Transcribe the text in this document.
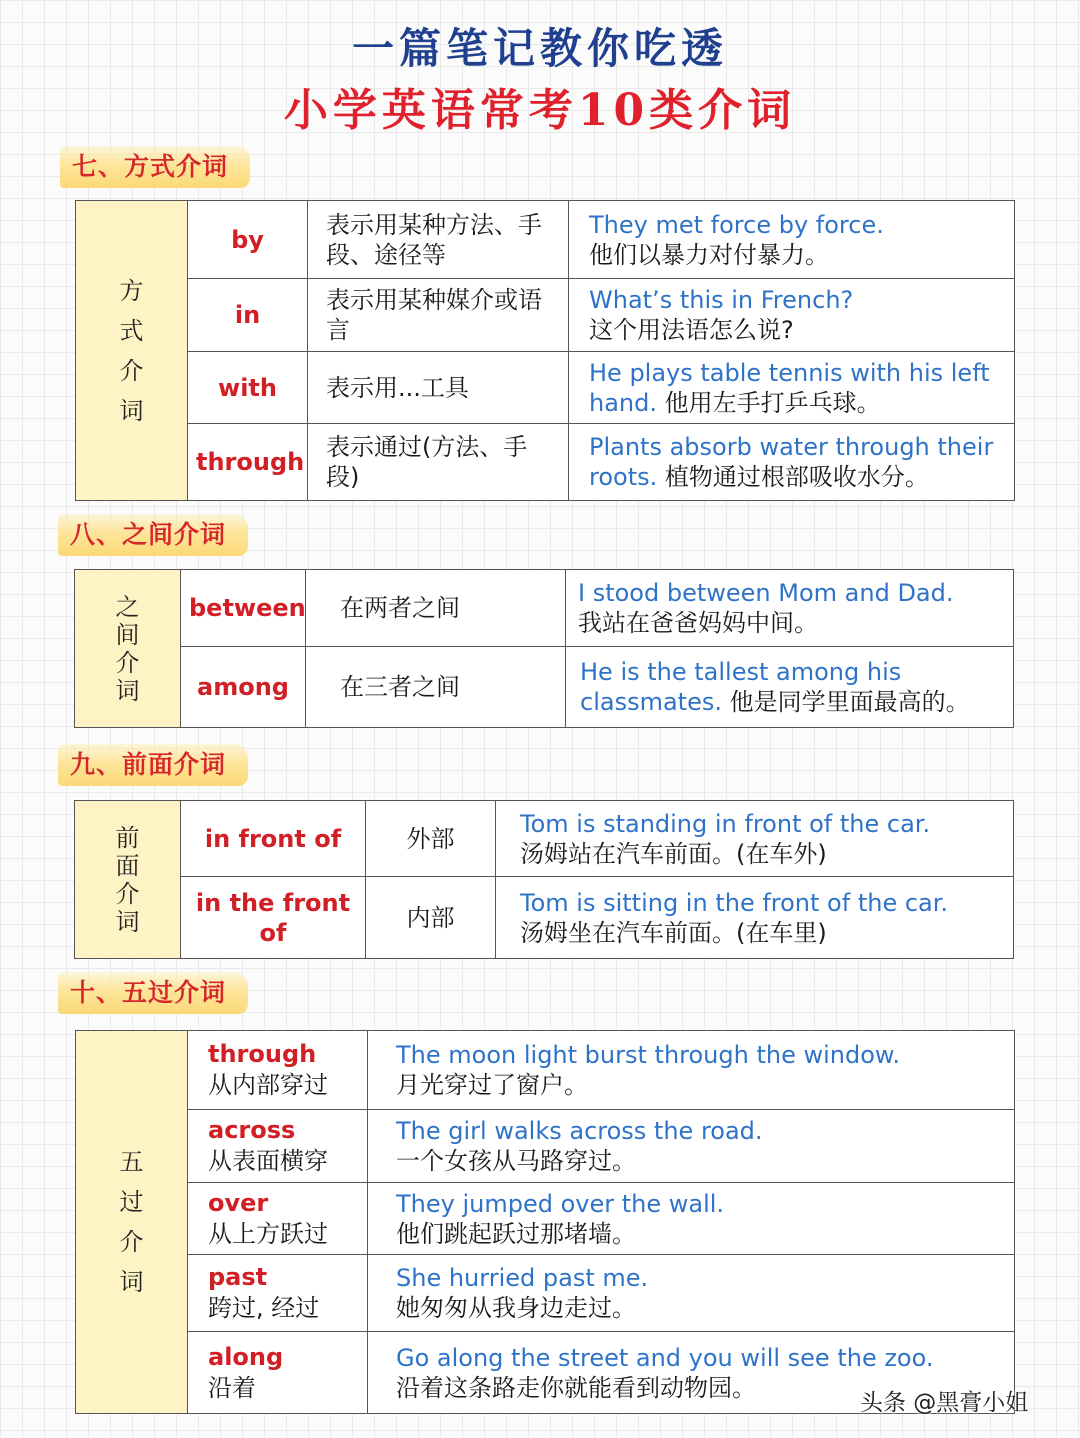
一篇笔记教你吃透
小学英语常考10类介词
七、方式介词
方
式
介
词	by	表示用某种方法、手段、途径等	They met force by force.
他们以暴力对付暴力。
	in	表示用某种媒介或语言	What’s this in French?
这个用法语怎么说?
	with	表示用...工具	He plays table tennis with his left hand. 他用左手打乒乓球。
	through	表示通过(方法、手段)	Plants absorb water through their roots. 植物通过根部吸收水分。
八、之间介词
之
间
介
词	between	在两者之间	I stood between Mom and Dad.
我站在爸爸妈妈中间。
	among	在三者之间	He is the tallest among his classmates. 他是同学里面最高的。
九、前面介词
前
面
介
词	in front of	外部	Tom is standing in front of the car.
汤姆站在汽车前面。(在车外)
	in the front of	内部	Tom is sitting in the front of the car.
汤姆坐在汽车前面。(在车里)
十、五过介词
五
过
介
词	through
从内部穿过	The moon light burst through the window.
月光穿过了窗户。

	across
从表面横穿	The girl walks across the road.
一个女孩从马路穿过。

	over
从上方跃过	They jumped over the wall.
他们跳起跃过那堵墙。

	past
跨过, 经过	She hurried past me.
她匆匆从我身边走过。

	along
沿着	Go along the street and you will see the zoo.
沿着这条路走你就能看到动物园。
头条 @黑膏小姐
